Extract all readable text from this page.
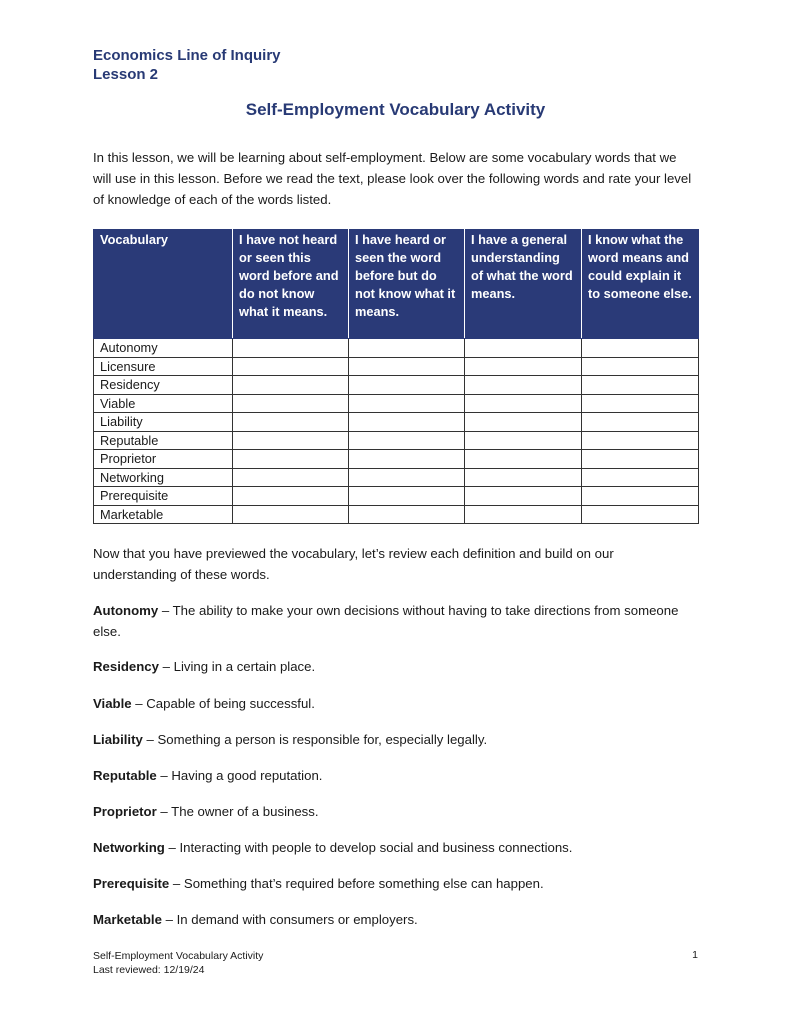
Economics Line of Inquiry
Lesson 2
Self-Employment Vocabulary Activity
In this lesson, we will be learning about self-employment. Below are some vocabulary words that we will use in this lesson. Before we read the text, please look over the following words and rate your level of knowledge of each of the words listed.
Vocabulary	I have not heard or seen this word before and do not know what it means.	I have heard or seen the word before but do not know what it means.	I have a general understanding of what the word means.	I know what the word means and could explain it to someone else.
Autonomy				
Licensure				
Residency				
Viable				
Liability				
Reputable				
Proprietor				
Networking				
Prerequisite				
Marketable				
Now that you have previewed the vocabulary, let’s review each definition and build on our understanding of these words.
Autonomy – The ability to make your own decisions without having to take directions from someone else.
Residency – Living in a certain place.
Viable – Capable of being successful.
Liability – Something a person is responsible for, especially legally.
Reputable – Having a good reputation.
Proprietor – The owner of a business.
Networking – Interacting with people to develop social and business connections.
Prerequisite – Something that’s required before something else can happen.
Marketable – In demand with consumers or employers.
Self-Employment Vocabulary Activity
Last reviewed: 12/19/24
1
